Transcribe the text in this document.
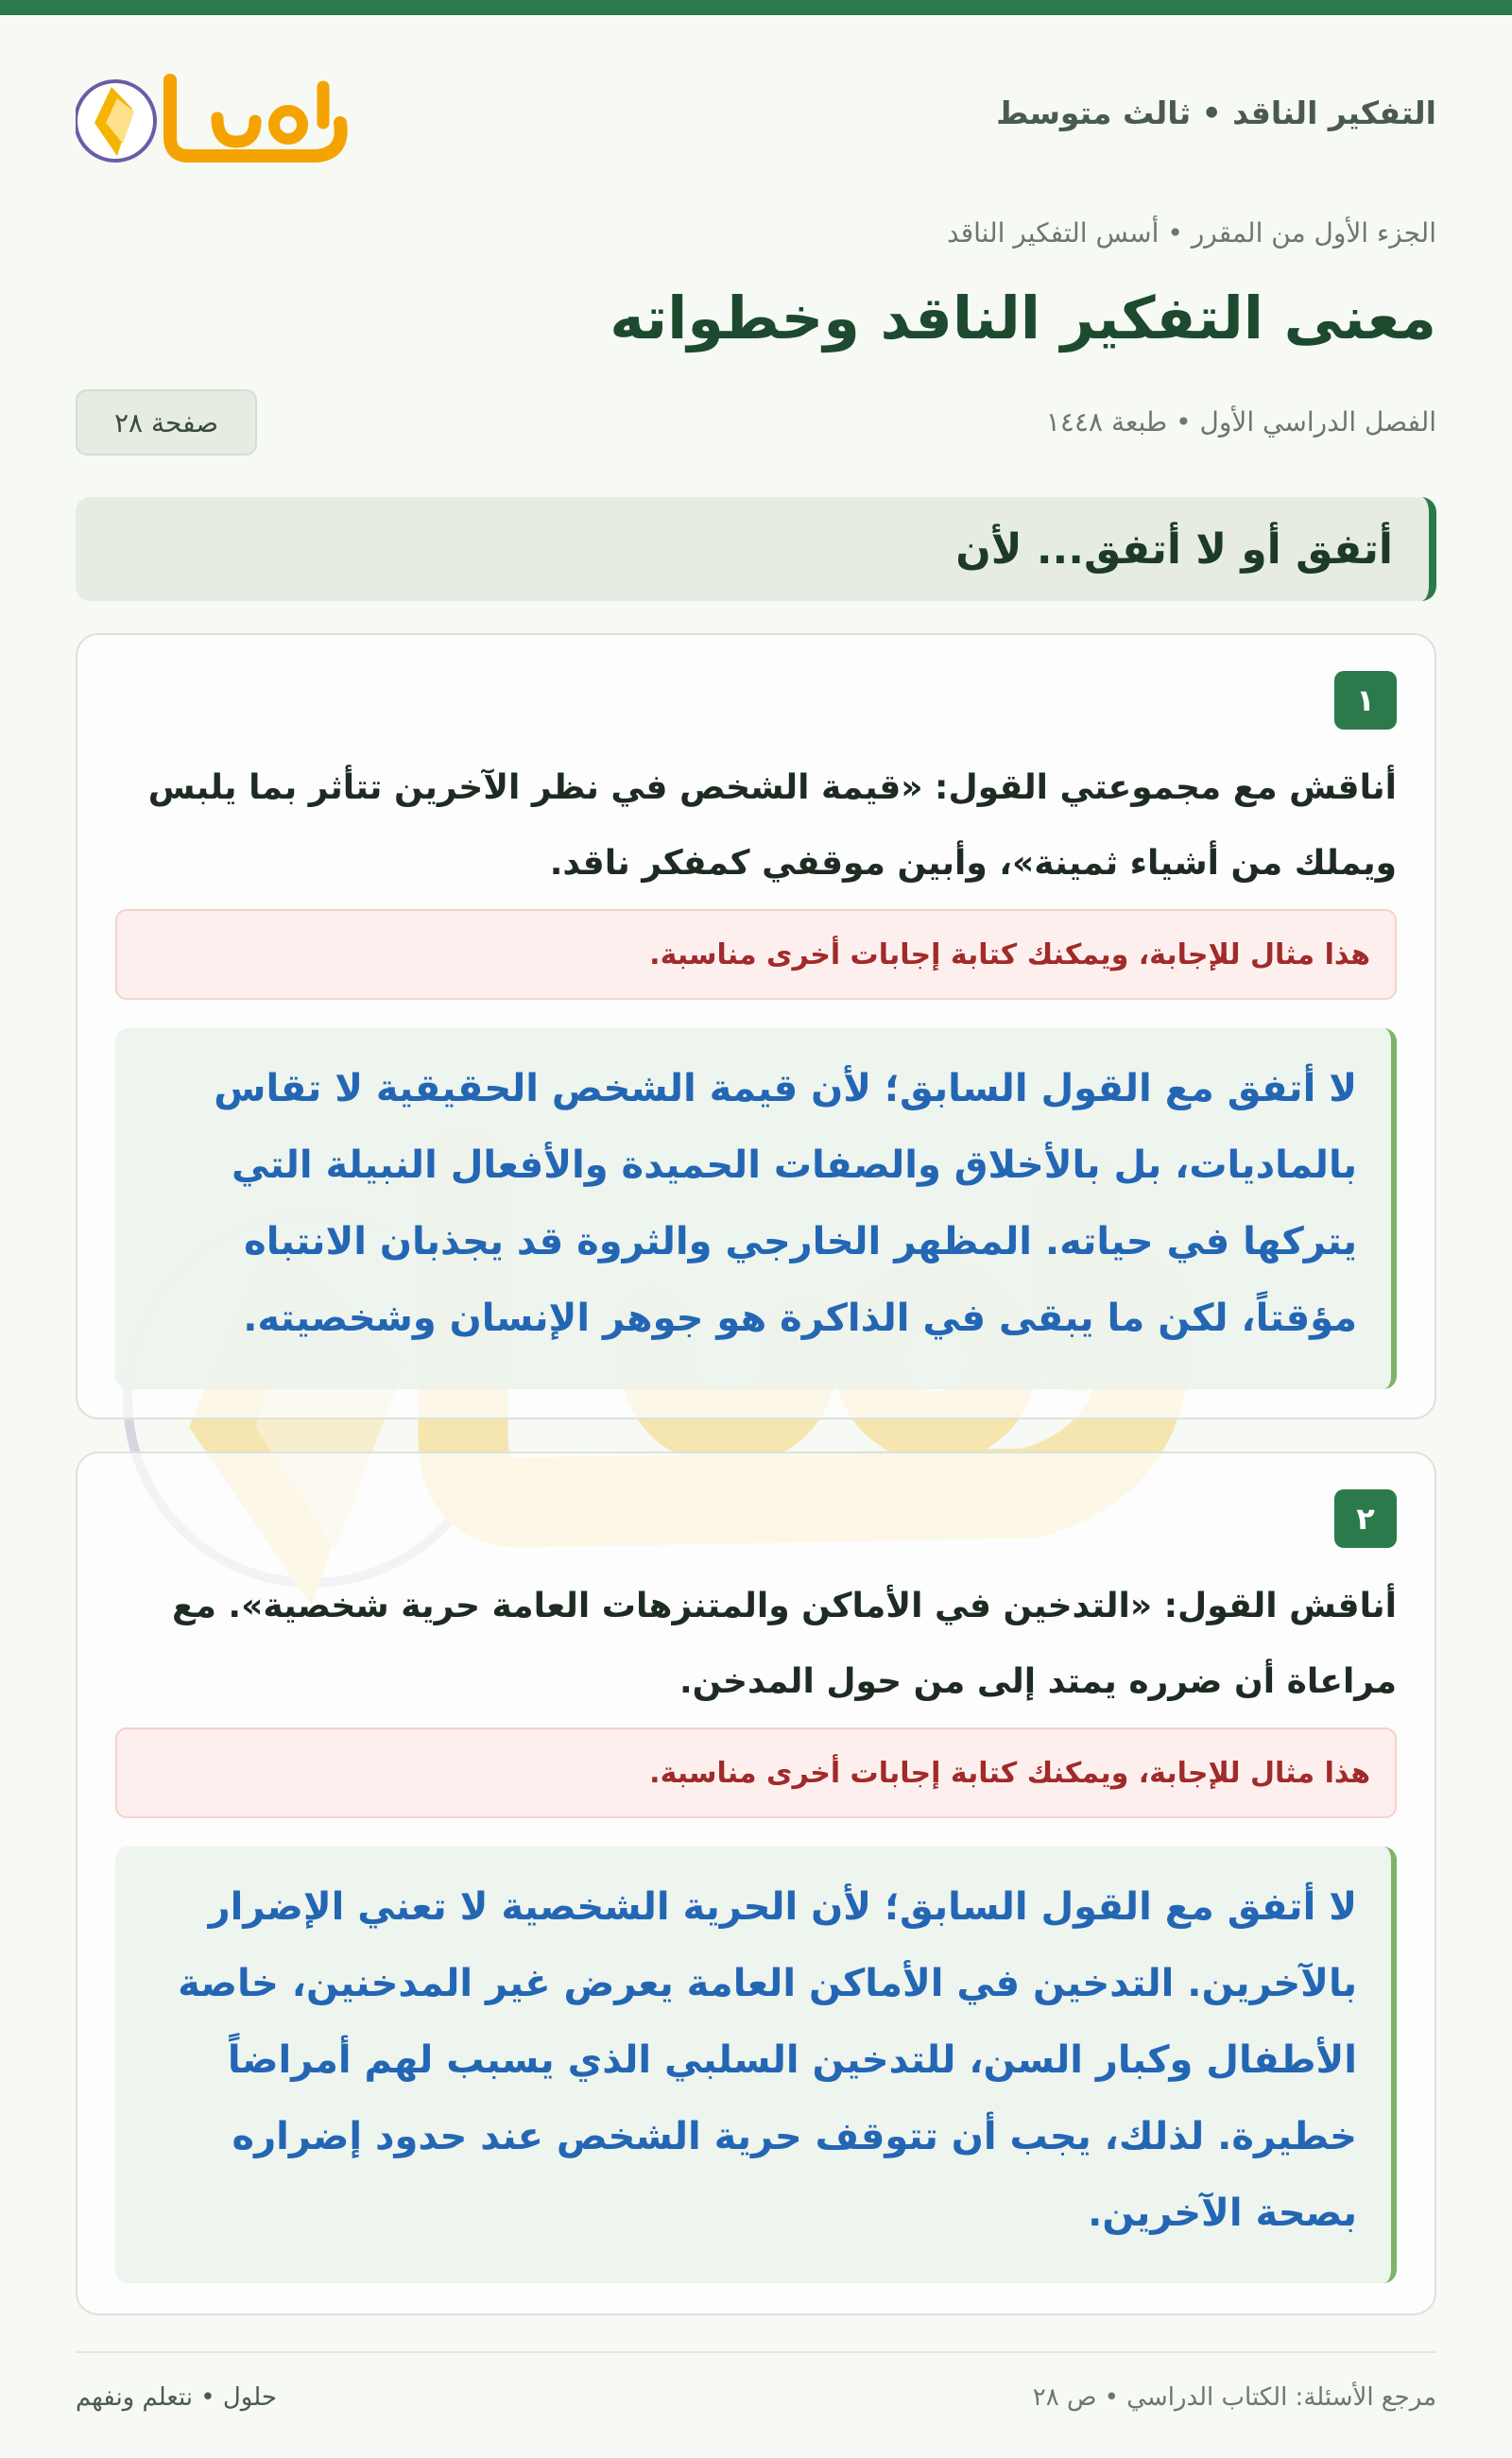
التفكير الناقد • ثالث متوسط
الجزء الأول من المقرر • أسس التفكير الناقد
معنى التفكير الناقد وخطواته
الفصل الدراسي الأول • طبعة ١٤٤٨
صفحة ٢٨
أتفق أو لا أتفق... لأن
١
أناقش مع مجموعتي القول: «قيمة الشخص في نظر الآخرين تتأثر بما يلبس ويملك من أشياء ثمينة»، وأبين موقفي كمفكر ناقد.
هذا مثال للإجابة، ويمكنك كتابة إجابات أخرى مناسبة.
لا أتفق مع القول السابق؛ لأن قيمة الشخص الحقيقية لا تقاس بالماديات، بل بالأخلاق والصفات الحميدة والأفعال النبيلة التي يتركها في حياته. المظهر الخارجي والثروة قد يجذبان الانتباه مؤقتاً، لكن ما يبقى في الذاكرة هو جوهر الإنسان وشخصيته.
٢
أناقش القول: «التدخين في الأماكن والمتنزهات العامة حرية شخصية». مع مراعاة أن ضرره يمتد إلى من حول المدخن.
هذا مثال للإجابة، ويمكنك كتابة إجابات أخرى مناسبة.
لا أتفق مع القول السابق؛ لأن الحرية الشخصية لا تعني الإضرار بالآخرين. التدخين في الأماكن العامة يعرض غير المدخنين، خاصة الأطفال وكبار السن، للتدخين السلبي الذي يسبب لهم أمراضاً خطيرة. لذلك، يجب أن تتوقف حرية الشخص عند حدود إضراره بصحة الآخرين.
مرجع الأسئلة: الكتاب الدراسي • ص ٢٨
حلول • نتعلم ونفهم
